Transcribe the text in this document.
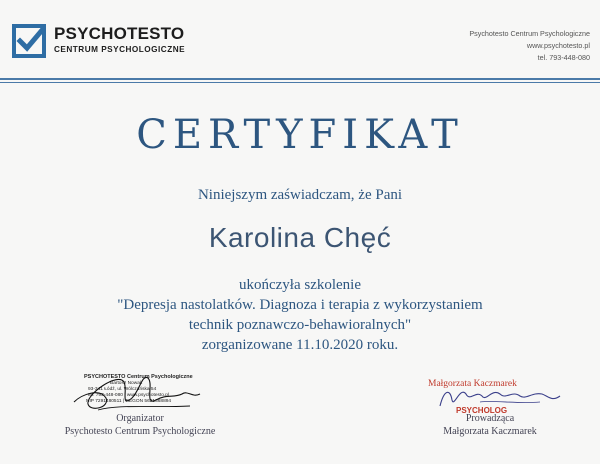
PSYCHOTESTO
CENTRUM PSYCHOLOGICZNE
Psychotesto Centrum Psychologiczne
www.psychotesto.pl
tel. 793-448-080
CERTYFIKAT
Niniejszym zaświadczam, że Pani
Karolina Chęć
ukończyła szkolenie
"Depresja nastolatków. Diagnoza i terapia z wykorzystaniem
technik poznawczo-behawioralnych"
zorganizowane 11.10.2020 roku.
PSYCHOTESTO Centrum Psychologiczne
Bartosz Nowak
93-341 Łódź, ul. Wólczańska 54
tel. 793-448-080 | www.psychotesto.pl
NIP 7291480511 | REGON 5621368894
Organizator
Psychotesto Centrum Psychologiczne
Małgorzata Kaczmarek
PSYCHOLOG
Prowadząca
Małgorzata Kaczmarek
